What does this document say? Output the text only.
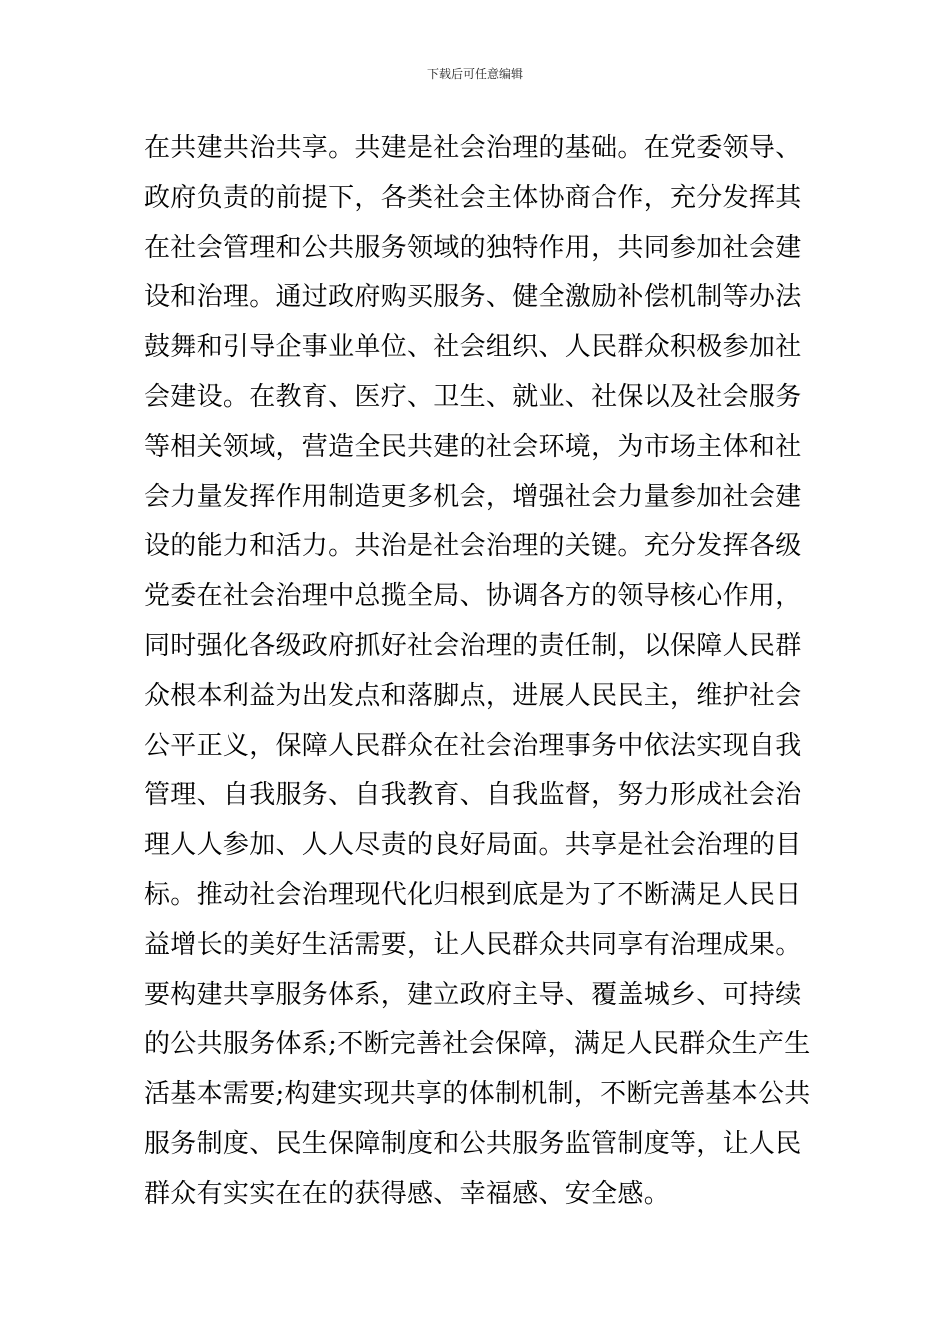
下载后可任意编辑
在共建共治共享。共建是社会治理的基础。在党委领导、
政府负责的前提下，各类社会主体协商合作，充分发挥其
在社会管理和公共服务领域的独特作用，共同参加社会建
设和治理。通过政府购买服务、健全激励补偿机制等办法
鼓舞和引导企事业单位、社会组织、人民群众积极参加社
会建设。在教育、医疗、卫生、就业、社保以及社会服务
等相关领域，营造全民共建的社会环境，为市场主体和社
会力量发挥作用制造更多机会，增强社会力量参加社会建
设的能力和活力。共治是社会治理的关键。充分发挥各级
党委在社会治理中总揽全局、协调各方的领导核心作用，
同时强化各级政府抓好社会治理的责任制，以保障人民群
众根本利益为出发点和落脚点，进展人民民主，维护社会
公平正义，保障人民群众在社会治理事务中依法实现自我
管理、自我服务、自我教育、自我监督，努力形成社会治
理人人参加、人人尽责的良好局面。共享是社会治理的目
标。推动社会治理现代化归根到底是为了不断满足人民日
益增长的美好生活需要，让人民群众共同享有治理成果。
要构建共享服务体系，建立政府主导、覆盖城乡、可持续
的公共服务体系;不断完善社会保障，满足人民群众生产生
活基本需要;构建实现共享的体制机制，不断完善基本公共
服务制度、民生保障制度和公共服务监管制度等，让人民
群众有实实在在的获得感、幸福感、安全感。
